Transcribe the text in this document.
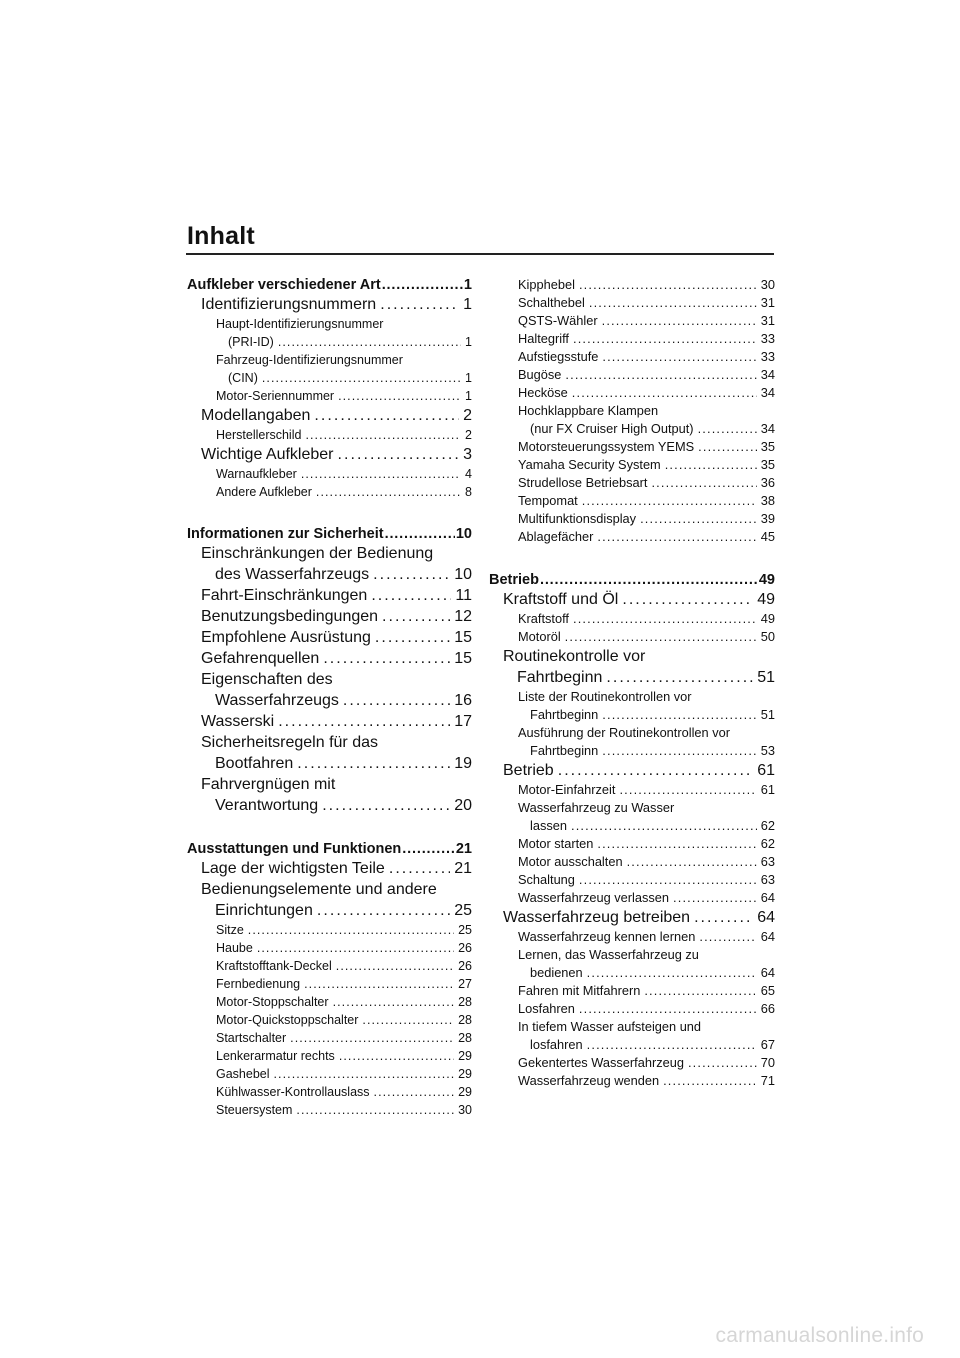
Inhalt
Aufkleber verschiedener Art . . .	1
Identifizierungsnummern . . .	1
Haupt-Identifizierungsnummer
(PRI-ID) . . .	1
Fahrzeug-Identifizierungsnummer
(CIN) . . .	1
Motor-Seriennummer . . .	1
Modellangaben . . .	2
Herstellerschild . . .	2
Wichtige Aufkleber . . .	3
Warnaufkleber . . .	4
Andere Aufkleber . . .	8
Informationen zur Sicherheit . . .	10
Einschränkungen der Bedienung
des Wasserfahrzeugs . . .	10
Fahrt-Einschränkungen . . .	11
Benutzungsbedingungen . . .	12
Empfohlene Ausrüstung . . .	15
Gefahrenquellen . . .	15
Eigenschaften des
Wasserfahrzeugs . . .	16
Wasserski . . .	17
Sicherheitsregeln für das
Bootfahren . . .	19
Fahrvergnügen mit
Verantwortung . . .	20
Ausstattungen und Funktionen . . .	21
Lage der wichtigsten Teile . . .	21
Bedienungselemente und andere
Einrichtungen . . .	25
Sitze . . .	25
Haube . . .	26
Kraftstofftank-Deckel . . .	26
Fernbedienung . . .	27
Motor-Stoppschalter . . .	28
Motor-Quickstoppschalter . . .	28
Startschalter . . .	28
Lenkerarmatur rechts . . .	29
Gashebel . . .	29
Kühlwasser-Kontrollauslass . . .	29
Steuersystem . . .	30
Kipphebel . . .	30
Schalthebel . . .	31
QSTS-Wähler . . .	31
Haltegriff . . .	33
Aufstiegsstufe . . .	33
Bugöse . . .	34
Hecköse . . .	34
Hochklappbare Klampen
(nur FX Cruiser High Output) . . .	34
Motorsteuerungssystem YEMS . . .	35
Yamaha Security System . . .	35
Strudellose Betriebsart . . .	36
Tempomat . . .	38
Multifunktionsdisplay . . .	39
Ablagefächer . . .	45
Betrieb . . .	49
Kraftstoff und Öl . . .	49
Kraftstoff . . .	49
Motoröl . . .	50
Routinekontrolle vor
Fahrtbeginn . . .	51
Liste der Routinekontrollen vor
Fahrtbeginn . . .	51
Ausführung der Routinekontrollen vor
Fahrtbeginn . . .	53
Betrieb . . .	61
Motor-Einfahrzeit . . .	61
Wasserfahrzeug zu Wasser
lassen . . .	62
Motor starten . . .	62
Motor ausschalten . . .	63
Schaltung . . .	63
Wasserfahrzeug verlassen . . .	64
Wasserfahrzeug betreiben . . .	64
Wasserfahrzeug kennen lernen . . .	64
Lernen, das Wasserfahrzeug zu
bedienen . . .	64
Fahren mit Mitfahrern . . .	65
Losfahren . . .	66
In tiefem Wasser aufsteigen und
losfahren . . .	67
Gekentertes Wasserfahrzeug . . .	70
Wasserfahrzeug wenden . . .	71
carmanualsonline.info
